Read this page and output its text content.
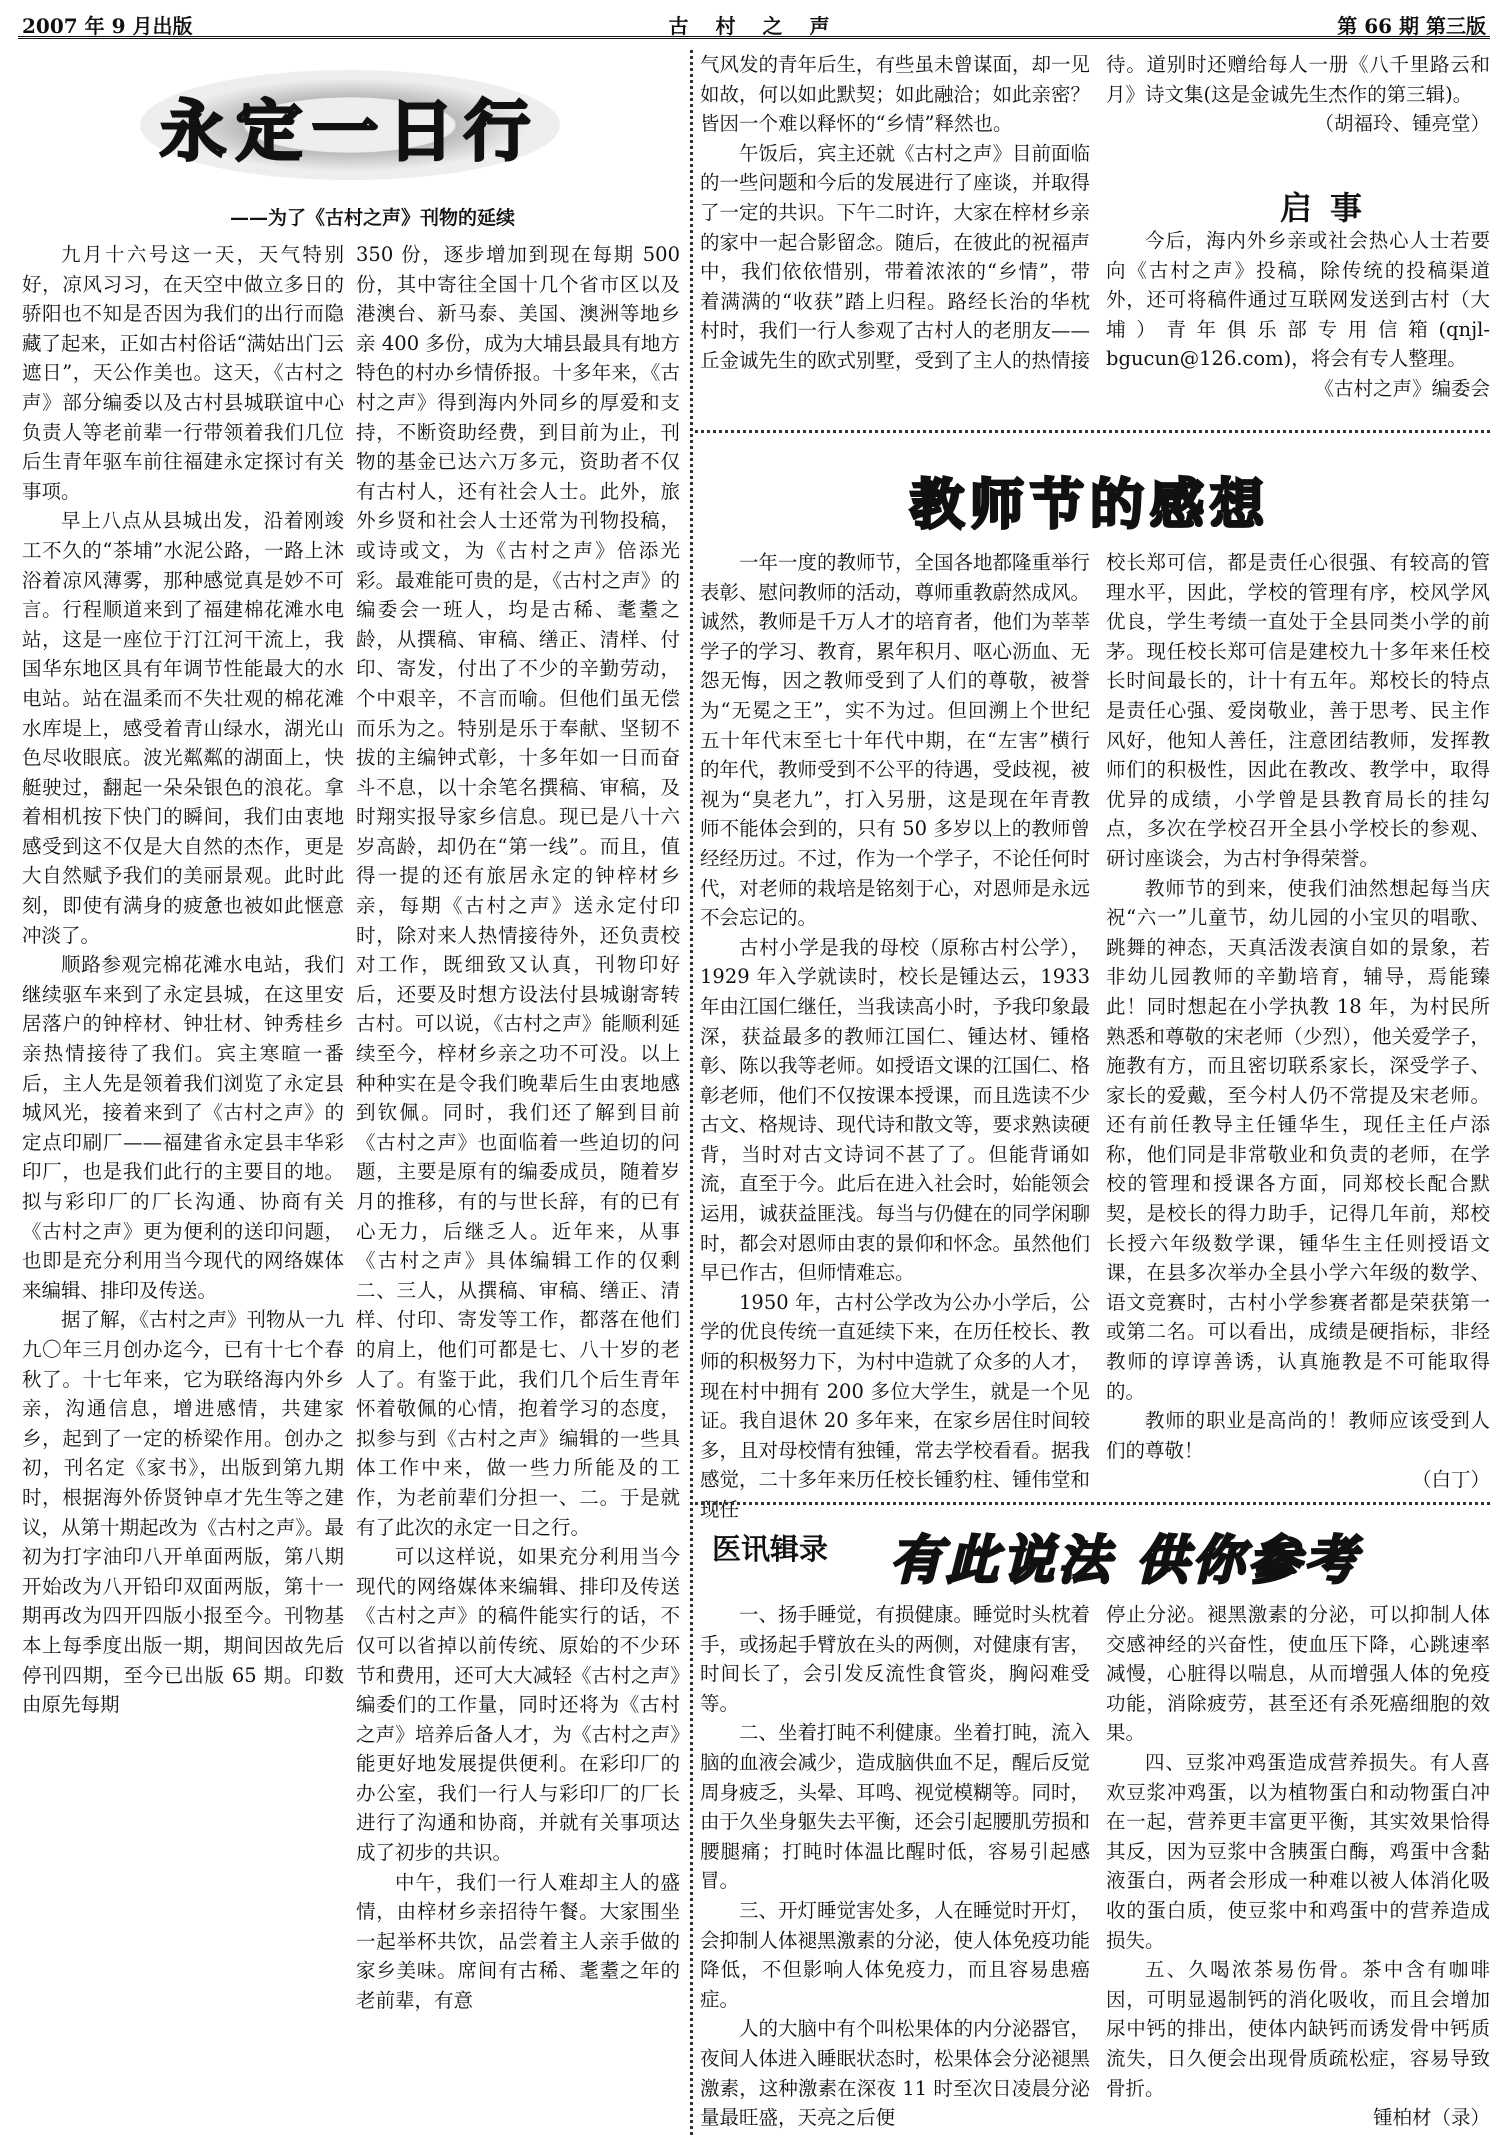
2007 年 9 月出版	古 村 之 声	第 66 期 第三版
永定一日行
——为了《古村之声》刊物的延续

九月十六号这一天，天气特别好，凉风习习，在天空中做立多日的骄阳也不知是否因为我们的出行而隐藏了起来，正如古村俗话“满姑出门云遮日”，天公作美也。这天，《古村之声》部分编委以及古村县城联谊中心负责人等老前辈一行带领着我们几位后生青年驱车前往福建永定探讨有关事项。

早上八点从县城出发，沿着刚竣工不久的“茶埔”水泥公路，一路上沐浴着凉风薄雾，那种感觉真是妙不可言。行程顺道来到了福建棉花滩水电站，这是一座位于汀江河干流上，我国华东地区具有年调节性能最大的水电站。站在温柔而不失壮观的棉花滩水库堤上，感受着青山绿水，湖光山色尽收眼底。波光粼粼的湖面上，快艇驶过，翻起一朵朵银色的浪花。拿着相机按下快门的瞬间，我们由衷地感受到这不仅是大自然的杰作，更是大自然赋予我们的美丽景观。此时此刻，即使有满身的疲惫也被如此惬意冲淡了。

顺路参观完棉花滩水电站，我们继续驱车来到了永定县城，在这里安居落户的钟梓材、钟壮材、钟秀桂乡亲热情接待了我们。宾主寒暄一番后，主人先是领着我们浏览了永定县城风光，接着来到了《古村之声》的定点印刷厂——福建省永定县丰华彩印厂，也是我们此行的主要目的地。拟与彩印厂的厂长沟通、协商有关《古村之声》更为便利的送印问题，也即是充分利用当今现代的网络媒体来编辑、排印及传送。

据了解，《古村之声》刊物从一九九〇年三月创办迄今，已有十七个春秋了。十七年来，它为联络海内外乡亲，沟通信息，增进感情，共建家乡，起到了一定的桥梁作用。创办之初，刊名定《家书》，出版到第九期时，根据海外侨贤钟卓才先生等之建议，从第十期起改为《古村之声》。最初为打字油印八开单面两版，第八期开始改为八开铅印双面两版，第十一期再改为四开四版小报至今。刊物基本上每季度出版一期，期间因故先后停刊四期，至今已出版 65 期。印数由原先每期

350 份，逐步增加到现在每期 500 份，其中寄往全国十几个省市区以及港澳台、新马泰、美国、澳洲等地乡亲 400 多份，成为大埔县最具有地方特色的村办乡情侨报。十多年来，《古村之声》得到海内外同乡的厚爱和支持，不断资助经费，到目前为止，刊物的基金已达六万多元，资助者不仅有古村人，还有社会人士。此外，旅外乡贤和社会人士还常为刊物投稿，或诗或文，为《古村之声》倍添光彩。最难能可贵的是，《古村之声》的编委会一班人，均是古稀、耄耋之龄，从撰稿、审稿、缮正、清样、付印、寄发，付出了不少的辛勤劳动，个中艰辛，不言而喻。但他们虽无偿而乐为之。特别是乐于奉献、坚韧不拔的主编钟式彰，十多年如一日而奋斗不息，以十余笔名撰稿、审稿，及时翔实报导家乡信息。现已是八十六岁高龄，却仍在“第一线”。而且，值得一提的还有旅居永定的钟梓材乡亲，每期《古村之声》送永定付印时，除对来人热情接待外，还负责校对工作，既细致又认真，刊物印好后，还要及时想方设法付县城谢寄转古村。可以说，《古村之声》能顺利延续至今，梓材乡亲之功不可没。以上种种实在是令我们晚辈后生由衷地感到钦佩。同时，我们还了解到目前《古村之声》也面临着一些迫切的问题，主要是原有的编委成员，随着岁月的推移，有的与世长辞，有的已有心无力，后继乏人。近年来，从事《古村之声》具体编辑工作的仅剩二、三人，从撰稿、审稿、缮正、清样、付印、寄发等工作，都落在他们的肩上，他们可都是七、八十岁的老人了。有鉴于此，我们几个后生青年怀着敬佩的心情，抱着学习的态度，拟参与到《古村之声》编辑的一些具体工作中来，做一些力所能及的工作，为老前辈们分担一、二。于是就有了此次的永定一日之行。

可以这样说，如果充分利用当今现代的网络媒体来编辑、排印及传送《古村之声》的稿件能实行的话，不仅可以省掉以前传统、原始的不少环节和费用，还可大大减轻《古村之声》编委们的工作量，同时还将为《古村之声》培养后备人才，为《古村之声》能更好地发展提供便利。在彩印厂的办公室，我们一行人与彩印厂的厂长进行了沟通和协商，并就有关事项达成了初步的共识。

中午，我们一行人难却主人的盛情，由梓材乡亲招待午餐。大家围坐一起举杯共饮，品尝着主人亲手做的家乡美味。席间有古稀、耄耋之年的老前辈，有意

气风发的青年后生，有些虽未曾谋面，却一见如故，何以如此默契；如此融洽；如此亲密？皆因一个难以释怀的“乡情”释然也。

午饭后，宾主还就《古村之声》目前面临的一些问题和今后的发展进行了座谈，并取得了一定的共识。下午二时许，大家在梓材乡亲的家中一起合影留念。随后，在彼此的祝福声中，我们依依惜别，带着浓浓的“乡情”，带着满满的“收获”踏上归程。路经长治的华枕村时，我们一行人参观了古村人的老朋友——丘金诚先生的欧式别墅，受到了主人的热情接

待。道别时还赠给每人一册《八千里路云和月》诗文集(这是金诚先生杰作的第三辑)。

（胡福玲、锺亮堂）

启事

今后，海内外乡亲或社会热心人士若要向《古村之声》投稿，除传统的投稿渠道外，还可将稿件通过互联网发送到古村（大埔）青年俱乐部专用信箱(qnjl-bgucun@126.com)，将会有专人整理。

《古村之声》编委会

教师节的感想

一年一度的教师节，全国各地都隆重举行表彰、慰问教师的活动，尊师重教蔚然成风。诚然，教师是千万人才的培育者，他们为莘莘学子的学习、教育，累年积月、呕心沥血、无怨无悔，因之教师受到了人们的尊敬，被誉为“无冕之王”，实不为过。但回溯上个世纪五十年代末至七十年代中期，在“左害”横行的年代，教师受到不公平的待遇，受歧视，被视为“臭老九”，打入另册，这是现在年青教师不能体会到的，只有 50 多岁以上的教师曾经经历过。不过，作为一个学子，不论任何时代，对老师的栽培是铭刻于心，对恩师是永远不会忘记的。

古村小学是我的母校（原称古村公学），1929 年入学就读时，校长是锺达云，1933 年由江国仁继任，当我读高小时，予我印象最深，获益最多的教师江国仁、锺达材、锺格彰、陈以我等老师。如授语文课的江国仁、格彰老师，他们不仅按课本授课，而且选读不少古文、格规诗、现代诗和散文等，要求熟读硬背，当时对古文诗词不甚了了。但能背诵如流，直至于今。此后在进入社会时，始能领会运用，诚获益匪浅。每当与仍健在的同学闲聊时，都会对恩师由衷的景仰和怀念。虽然他们早已作古，但师情难忘。

1950 年，古村公学改为公办小学后，公学的优良传统一直延续下来，在历任校长、教师的积极努力下，为村中造就了众多的人才，现在村中拥有 200 多位大学生，就是一个见证。我自退休 20 多年来，在家乡居住时间较多，且对母校情有独锺，常去学校看看。据我感觉，二十多年来历任校长锺豹柱、锺伟堂和现任

校长郑可信，都是责任心很强、有较高的管理水平，因此，学校的管理有序，校风学风优良，学生考绩一直处于全县同类小学的前茅。现任校长郑可信是建校九十多年来任校长时间最长的，计十有五年。郑校长的特点是责任心强、爱岗敬业，善于思考、民主作风好，他知人善任，注意团结教师，发挥教师们的积极性，因此在教改、教学中，取得优异的成绩，小学曾是县教育局长的挂勾点，多次在学校召开全县小学校长的参观、研讨座谈会，为古村争得荣誉。

教师节的到来，使我们油然想起每当庆祝“六一”儿童节，幼儿园的小宝贝的唱歌、跳舞的神态，天真活泼表演自如的景象，若非幼儿园教师的辛勤培育，辅导，焉能臻此！同时想起在小学执教 18 年，为村民所熟悉和尊敬的宋老师（少烈），他关爱学子，施教有方，而且密切联系家长，深受学子、家长的爱戴，至今村人仍不常提及宋老师。还有前任教导主任锺华生，现任主任卢添称，他们同是非常敬业和负责的老师，在学校的管理和授课各方面，同郑校长配合默契，是校长的得力助手，记得几年前，郑校长授六年级数学课，锺华生主任则授语文课，在县多次举办全县小学六年级的数学、语文竞赛时，古村小学参赛者都是荣获第一或第二名。可以看出，成绩是硬指标，非经教师的谆谆善诱，认真施教是不可能取得的。

教师的职业是高尚的！教师应该受到人们的尊敬！

（白丁）

医讯辑录 有此说法 供你参考

一、扬手睡觉，有损健康。睡觉时头枕着手，或扬起手臂放在头的两侧，对健康有害，时间长了，会引发反流性食管炎，胸闷难受等。

二、坐着打盹不利健康。坐着打盹，流入脑的血液会减少，造成脑供血不足，醒后反觉周身疲乏，头晕、耳鸣、视觉模糊等。同时，由于久坐身躯失去平衡，还会引起腰肌劳损和腰腿痛；打盹时体温比醒时低，容易引起感冒。

三、开灯睡觉害处多，人在睡觉时开灯，会抑制人体褪黑激素的分泌，使人体免疫功能降低，不但影响人体免疫力，而且容易患癌症。

人的大脑中有个叫松果体的内分泌器官，夜间人体进入睡眠状态时，松果体会分泌褪黑激素，这种激素在深夜 11 时至次日凌晨分泌量最旺盛，天亮之后便

停止分泌。褪黑激素的分泌，可以抑制人体交感神经的兴奋性，使血压下降，心跳速率减慢，心脏得以喘息，从而增强人体的免疫功能，消除疲劳，甚至还有杀死癌细胞的效果。

四、豆浆冲鸡蛋造成营养损失。有人喜欢豆浆冲鸡蛋，以为植物蛋白和动物蛋白冲在一起，营养更丰富更平衡，其实效果恰得其反，因为豆浆中含胰蛋白酶，鸡蛋中含黏液蛋白，两者会形成一种难以被人体消化吸收的蛋白质，使豆浆中和鸡蛋中的营养造成损失。

五、久喝浓茶易伤骨。茶中含有咖啡因，可明显遏制钙的消化吸收，而且会增加尿中钙的排出，使体内缺钙而诱发骨中钙质流失，日久便会出现骨质疏松症，容易导致骨折。

锺柏材（录）
